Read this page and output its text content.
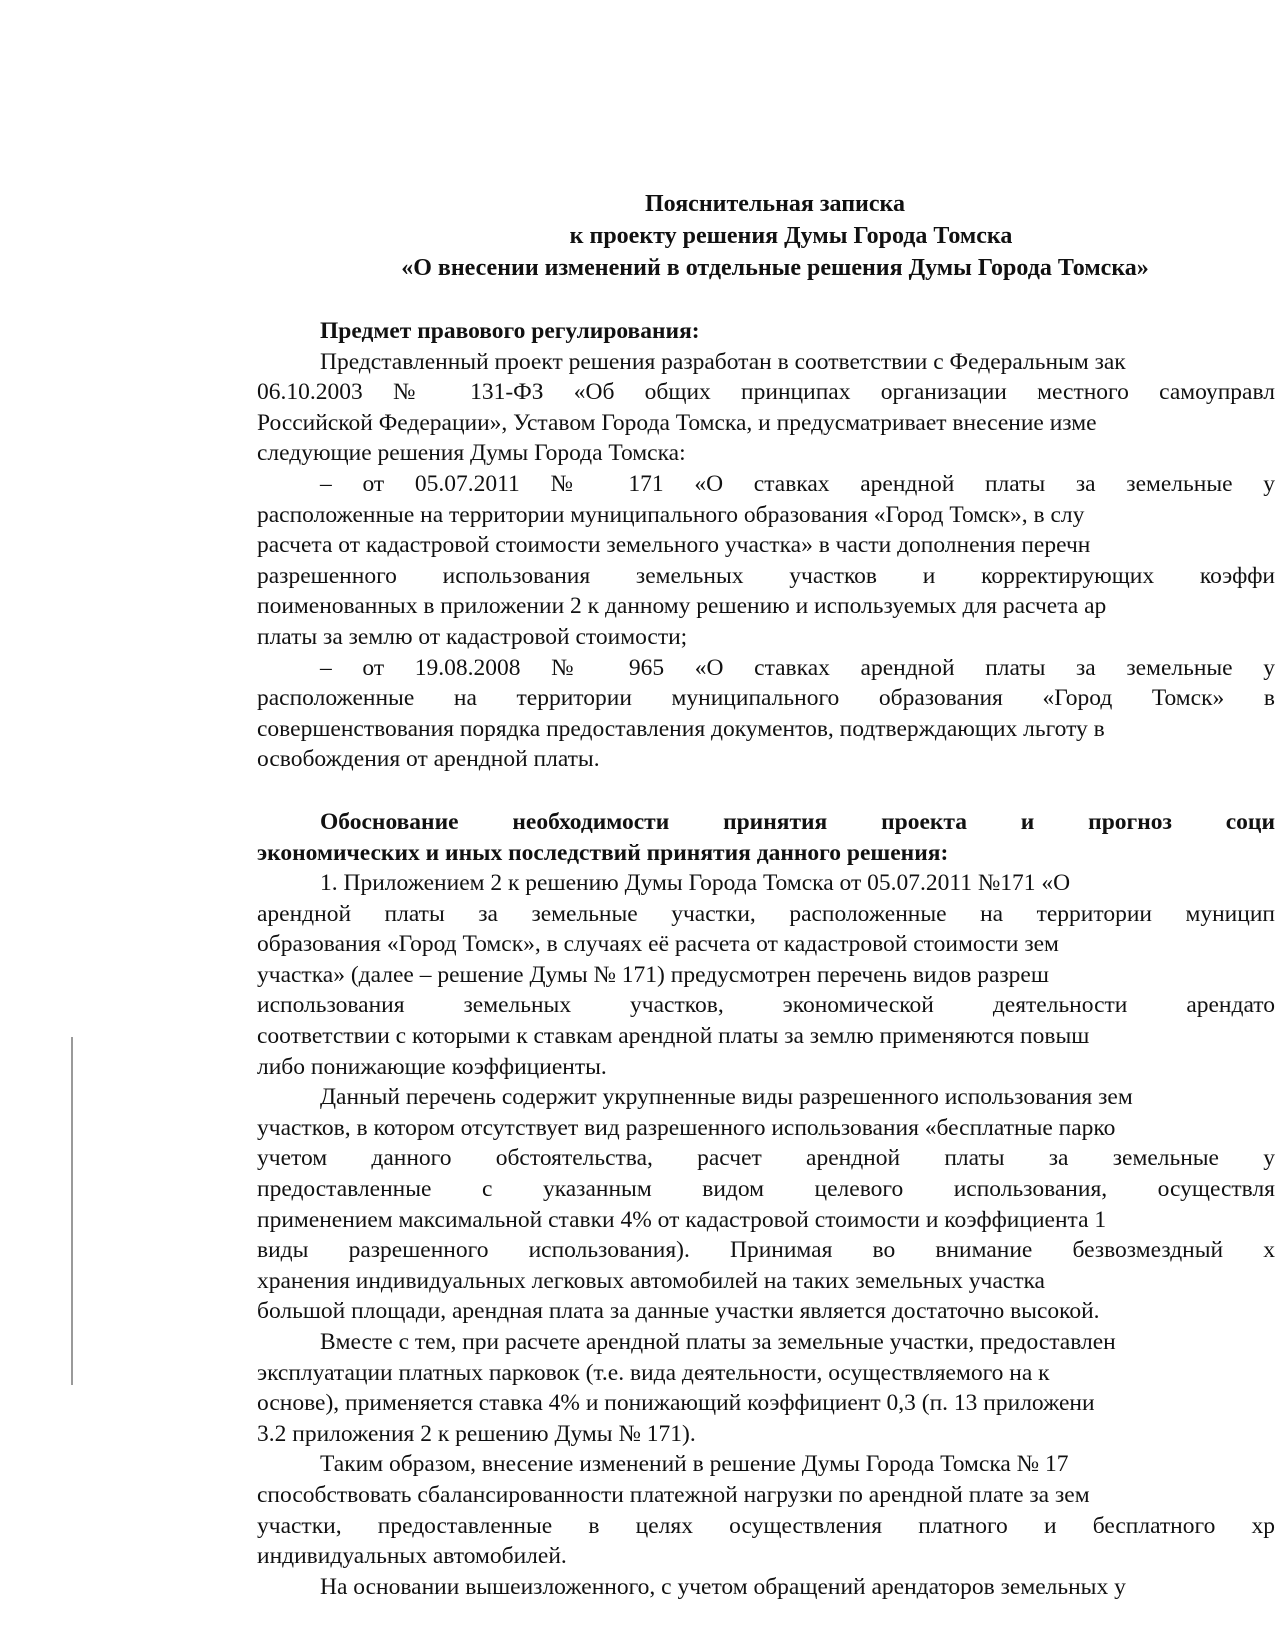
Пояснительная записка
к проекту решения Думы Города Томска
«О внесении изменений в отдельные решения Думы Города Томска»
Предмет правового регулирования:
Представленный проект решения разработан в соответствии с Федеральным зак
06.10.2003 № 131-ФЗ «Об общих принципах организации местного самоуправл
Российской Федерации», Уставом Города Томска, и предусматривает внесение изме
следующие решения Думы Города Томска:
– от 05.07.2011 № 171 «О ставках арендной платы за земельные у
расположенные на территории муниципального образования «Город Томск», в слу
расчета от кадастровой стоимости земельного участка» в части дополнения перечн
разрешенного использования земельных участков и корректирующих коэффи
поименованных в приложении 2 к данному решению и используемых для расчета ар
платы за землю от кадастровой стоимости;
– от 19.08.2008 № 965 «О ставках арендной платы за земельные у
расположенные на территории муниципального образования «Город Томск» в
совершенствования порядка предоставления документов, подтверждающих льготу в
освобождения от арендной платы.
Обоснование необходимости принятия проекта и прогноз соци
экономических и иных последствий принятия данного решения:
1. Приложением 2 к решению Думы Города Томска от 05.07.2011 №171 «О
арендной платы за земельные участки, расположенные на территории муницип
образования «Город Томск», в случаях её расчета от кадастровой стоимости зем
участка» (далее – решение Думы № 171) предусмотрен перечень видов разреш
использования земельных участков, экономической деятельности арендато
соответствии с которыми к ставкам арендной платы за землю применяются повыш
либо понижающие коэффициенты.
Данный перечень содержит укрупненные виды разрешенного использования зем
участков, в котором отсутствует вид разрешенного использования «бесплатные парко
учетом данного обстоятельства, расчет арендной платы за земельные у
предоставленные с указанным видом целевого использования, осуществля
применением максимальной ставки 4% от кадастровой стоимости и коэффициента 1
виды разрешенного использования). Принимая во внимание безвозмездный х
хранения индивидуальных легковых автомобилей на таких земельных участка
большой площади, арендная плата за данные участки является достаточно высокой.
Вместе с тем, при расчете арендной платы за земельные участки, предоставлен
эксплуатации платных парковок (т.е. вида деятельности, осуществляемого на к
основе), применяется ставка 4% и понижающий коэффициент 0,3 (п. 13 приложени
3.2 приложения 2 к решению Думы № 171).
Таким образом, внесение изменений в решение Думы Города Томска № 17
способствовать сбалансированности платежной нагрузки по арендной плате за зем
участки, предоставленные в целях осуществления платного и бесплатного хр
индивидуальных автомобилей.
На основании вышеизложенного, с учетом обращений арендаторов земельных у
